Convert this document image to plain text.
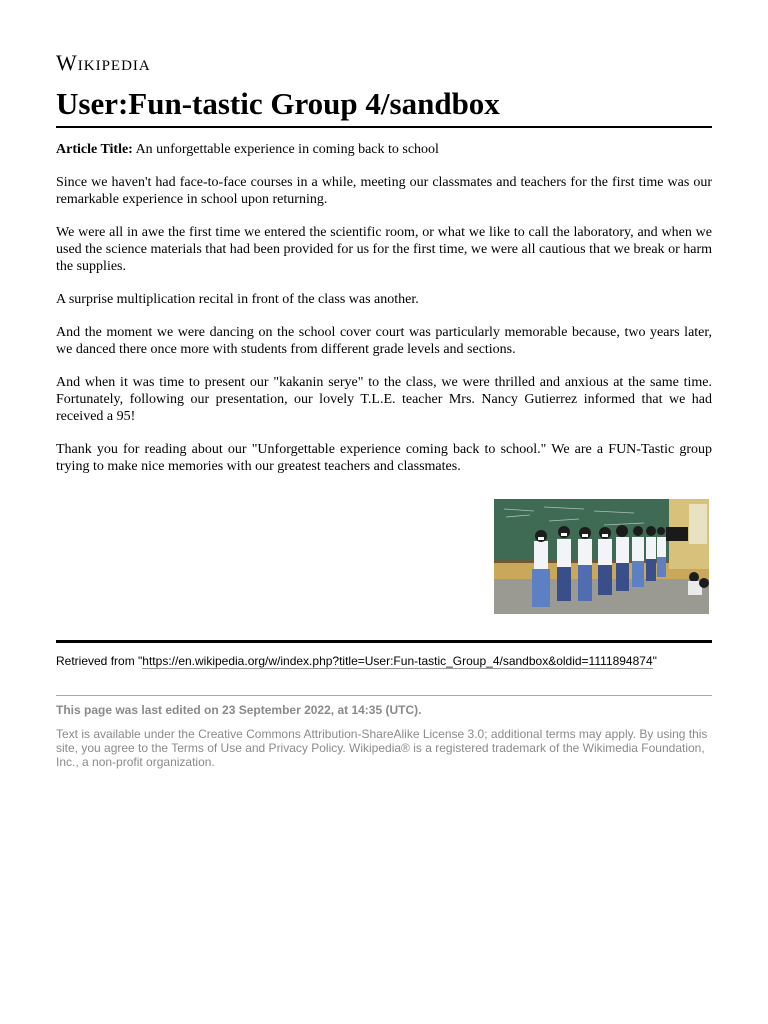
Wikipedia
User:Fun-tastic Group 4/sandbox

Article Title: An unforgettable experience in coming back to school

Since we haven't had face-to-face courses in a while, meeting our classmates and teachers for the first time was our remarkable experience in school upon returning.

We were all in awe the first time we entered the scientific room, or what we like to call the laboratory, and when we used the science materials that had been provided for us for the first time, we were all cautious that we break or harm the supplies.

A surprise multiplication recital in front of the class was another.

And the moment we were dancing on the school cover court was particularly memorable because, two years later, we danced there once more with students from different grade levels and sections.

And when it was time to present our "kakanin serye" to the class, we were thrilled and anxious at the same time. Fortunately, following our presentation, our lovely T.L.E. teacher Mrs. Nancy Gutierrez informed that we had received a 95!

Thank you for reading about our "Unforgettable experience coming back to school." We are a FUN-Tastic group trying to make nice memories with our greatest teachers and classmates.

Retrieved from "https://en.wikipedia.org/w/index.php?title=User:Fun-tastic_Group_4/sandbox&oldid=1111894874"
This page was last edited on 23 September 2022, at 14:35 (UTC).
Text is available under the Creative Commons Attribution-ShareAlike License 3.0; additional terms may apply. By using this site, you agree to the Terms of Use and Privacy Policy. Wikipedia® is a registered trademark of the Wikimedia Foundation, Inc., a non-profit organization.
